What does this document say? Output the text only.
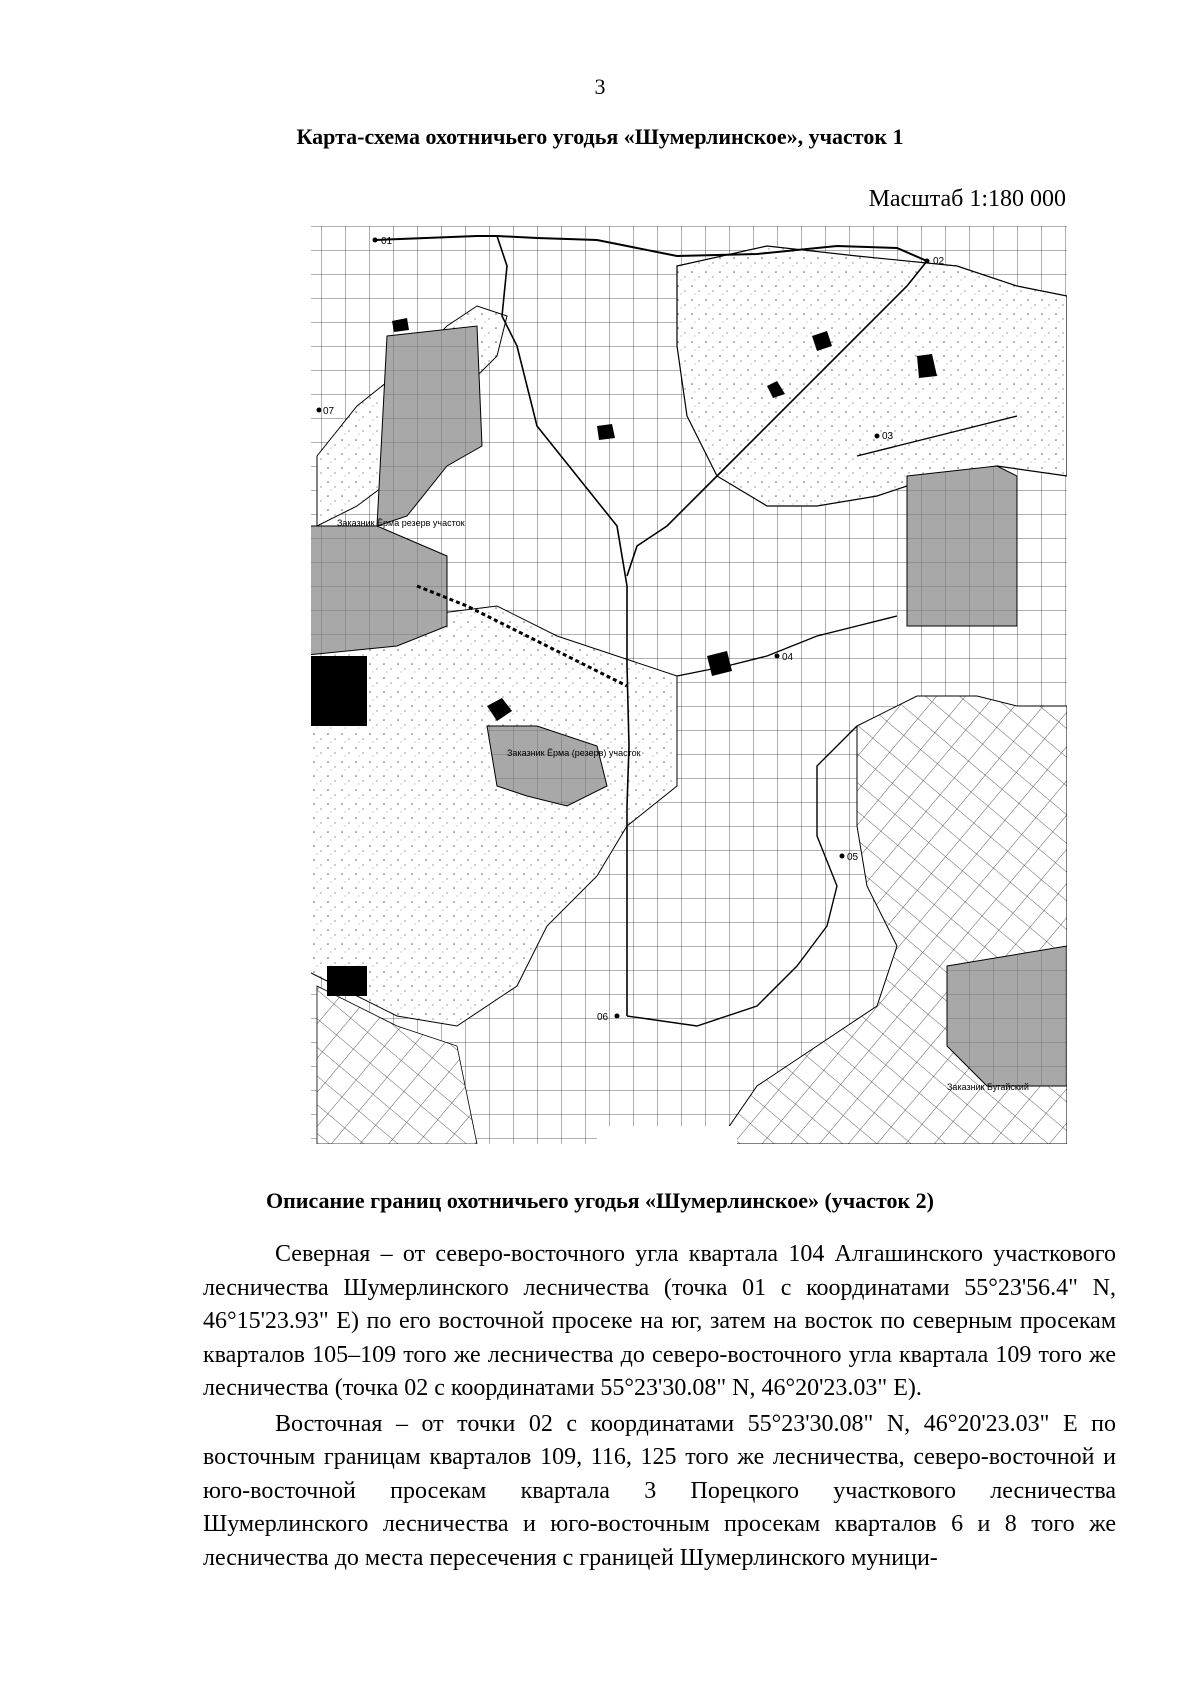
3
Карта-схема охотничьего угодья «Шумерлинское», участок 1
Масштаб 1:180 000
01
02
03
04
05
06
07
Заказник Ёрма (резерв) участок
Заказник Ёрма резерв участок
Заказник Бугайский
Описание границ охотничьего угодья «Шумерлинское» (участок 2)

Северная – от северо-восточного угла квартала 104 Алгашинского участкового лесничества Шумерлинского лесничества (точка 01 с координатами 55°23'56.4" N, 46°15'23.93" E) по его восточной просеке на юг, затем на восток по северным просекам кварталов 105–109 того же лесничества до северо-восточного угла квартала 109 того же лесничества (точка 02 с координатами 55°23'30.08" N, 46°20'23.03" E).

Восточная – от точки 02 с координатами 55°23'30.08" N, 46°20'23.03" E по восточным границам кварталов 109, 116, 125 того же лесничества, северо-восточной и юго-восточной просекам квартала 3 Порецкого участкового лесничества Шумерлинского лесничества и юго-восточным просекам кварталов 6 и 8 того же лесничества до места пересечения с границей Шумерлинского муници-
